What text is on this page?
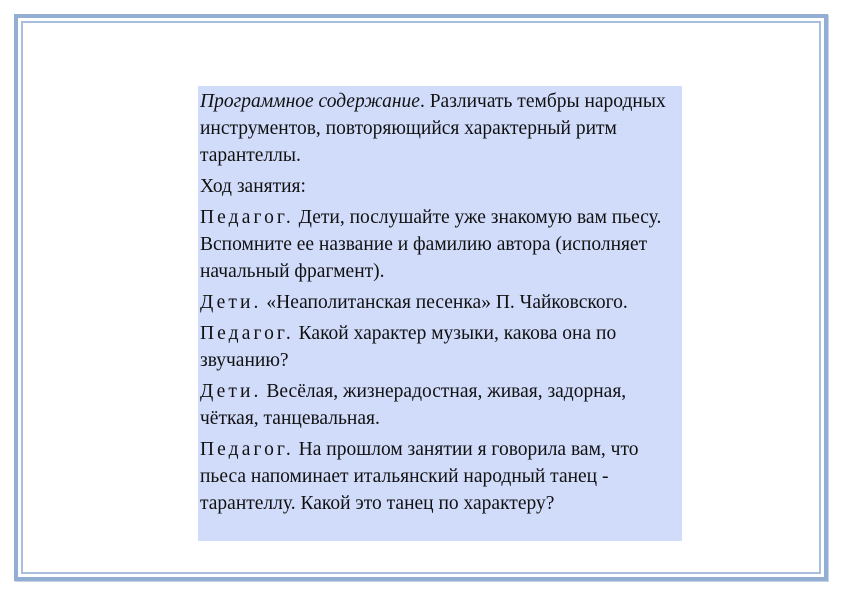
Программное содержание. Различать тембры народных инструментов, повторяющийся характерный ритм тарантеллы.

Ход занятия:

Педагог. Дети, послушайте уже знакомую вам пьесу. Вспомните ее название и фамилию автора (исполняет начальный фрагмент).

Дети. «Неаполитанская песенка» П. Чайковского.

Педагог. Какой характер музыки, какова она по звучанию?

Дети. Весёлая, жизнерадостная, живая, задорная, чёткая, танцевальная.

Педагог. На прошлом занятии я говорила вам, что пьеса напоминает итальянский народный танец - тарантеллу. Какой это танец по характеру?
